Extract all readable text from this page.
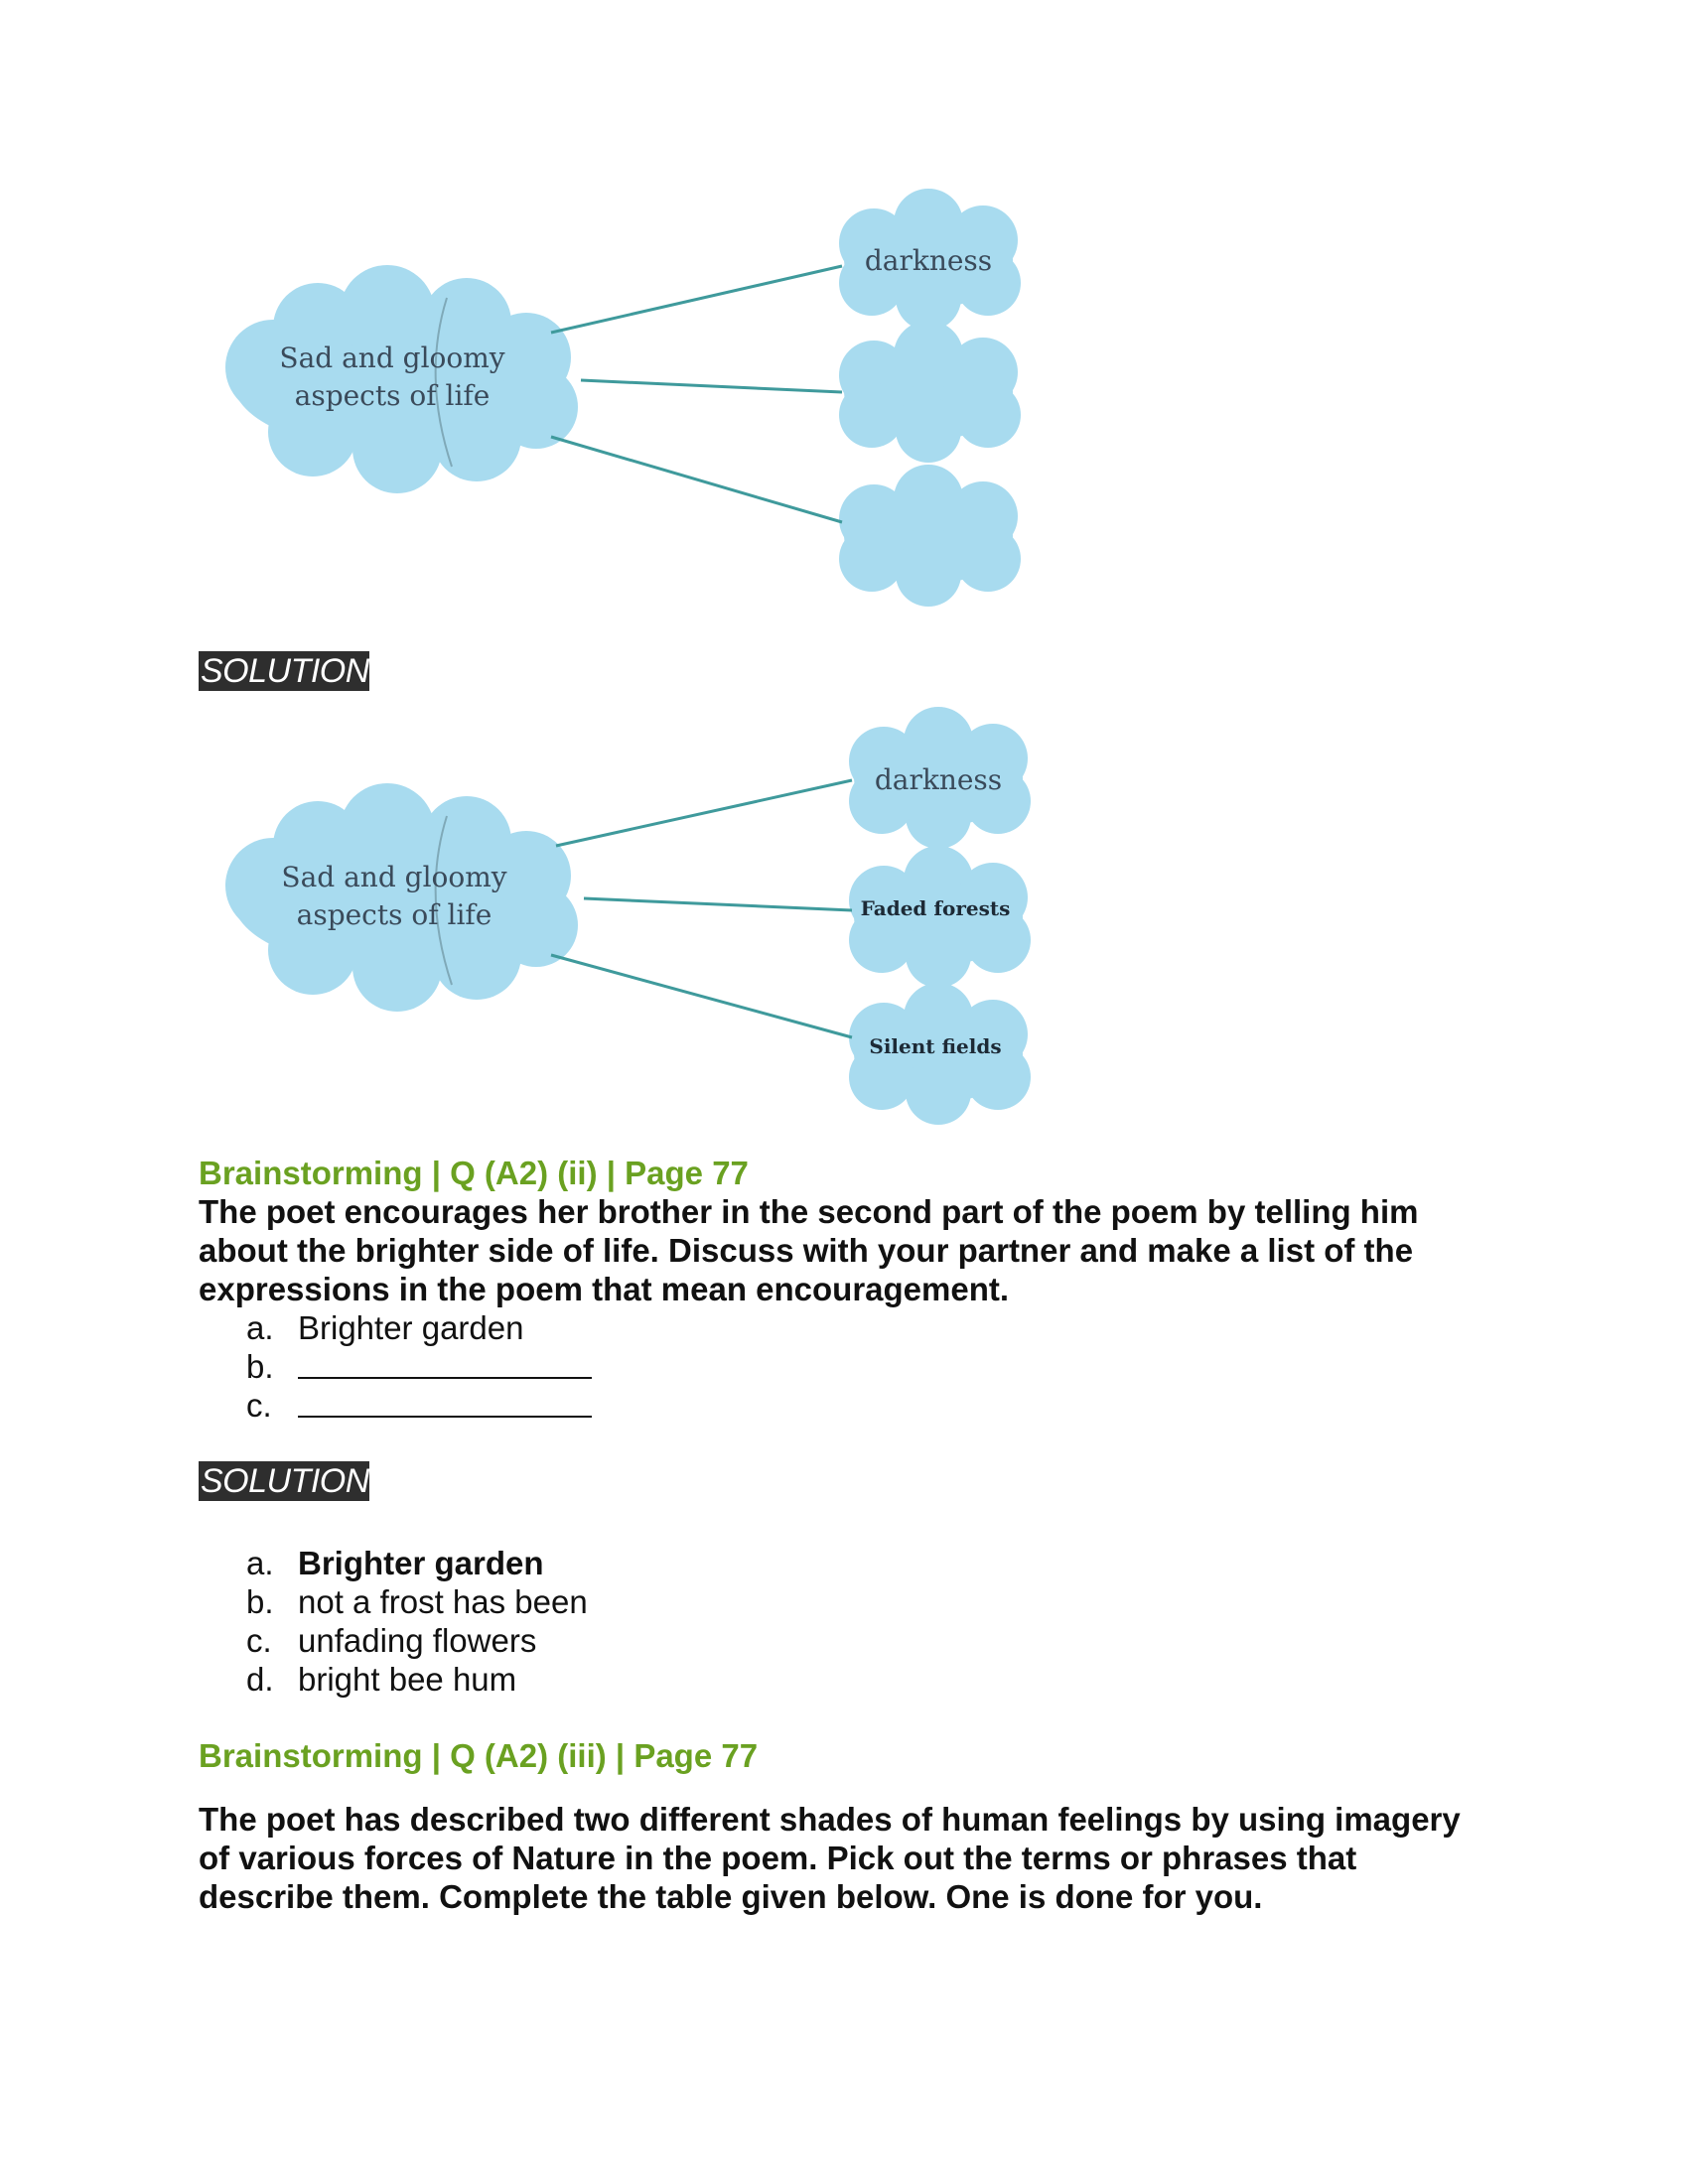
Sad and gloomy
aspects of life
darkness
SOLUTION
Sad and gloomy
aspects of life
darkness
Faded forests
Silent fields
Brainstorming | Q (A2) (ii) | Page 77
The poet encourages her brother in the second part of the poem by telling him
about the brighter side of life. Discuss with your partner and make a list of the
expressions in the poem that mean encouragement.
a. Brighter garden
b.
c.
SOLUTION
a. Brighter garden
b. not a frost has been
c. unfading flowers
d. bright bee hum
Brainstorming | Q (A2) (iii) | Page 77
The poet has described two different shades of human feelings by using imagery
of various forces of Nature in the poem. Pick out the terms or phrases that
describe them. Complete the table given below. One is done for you.
